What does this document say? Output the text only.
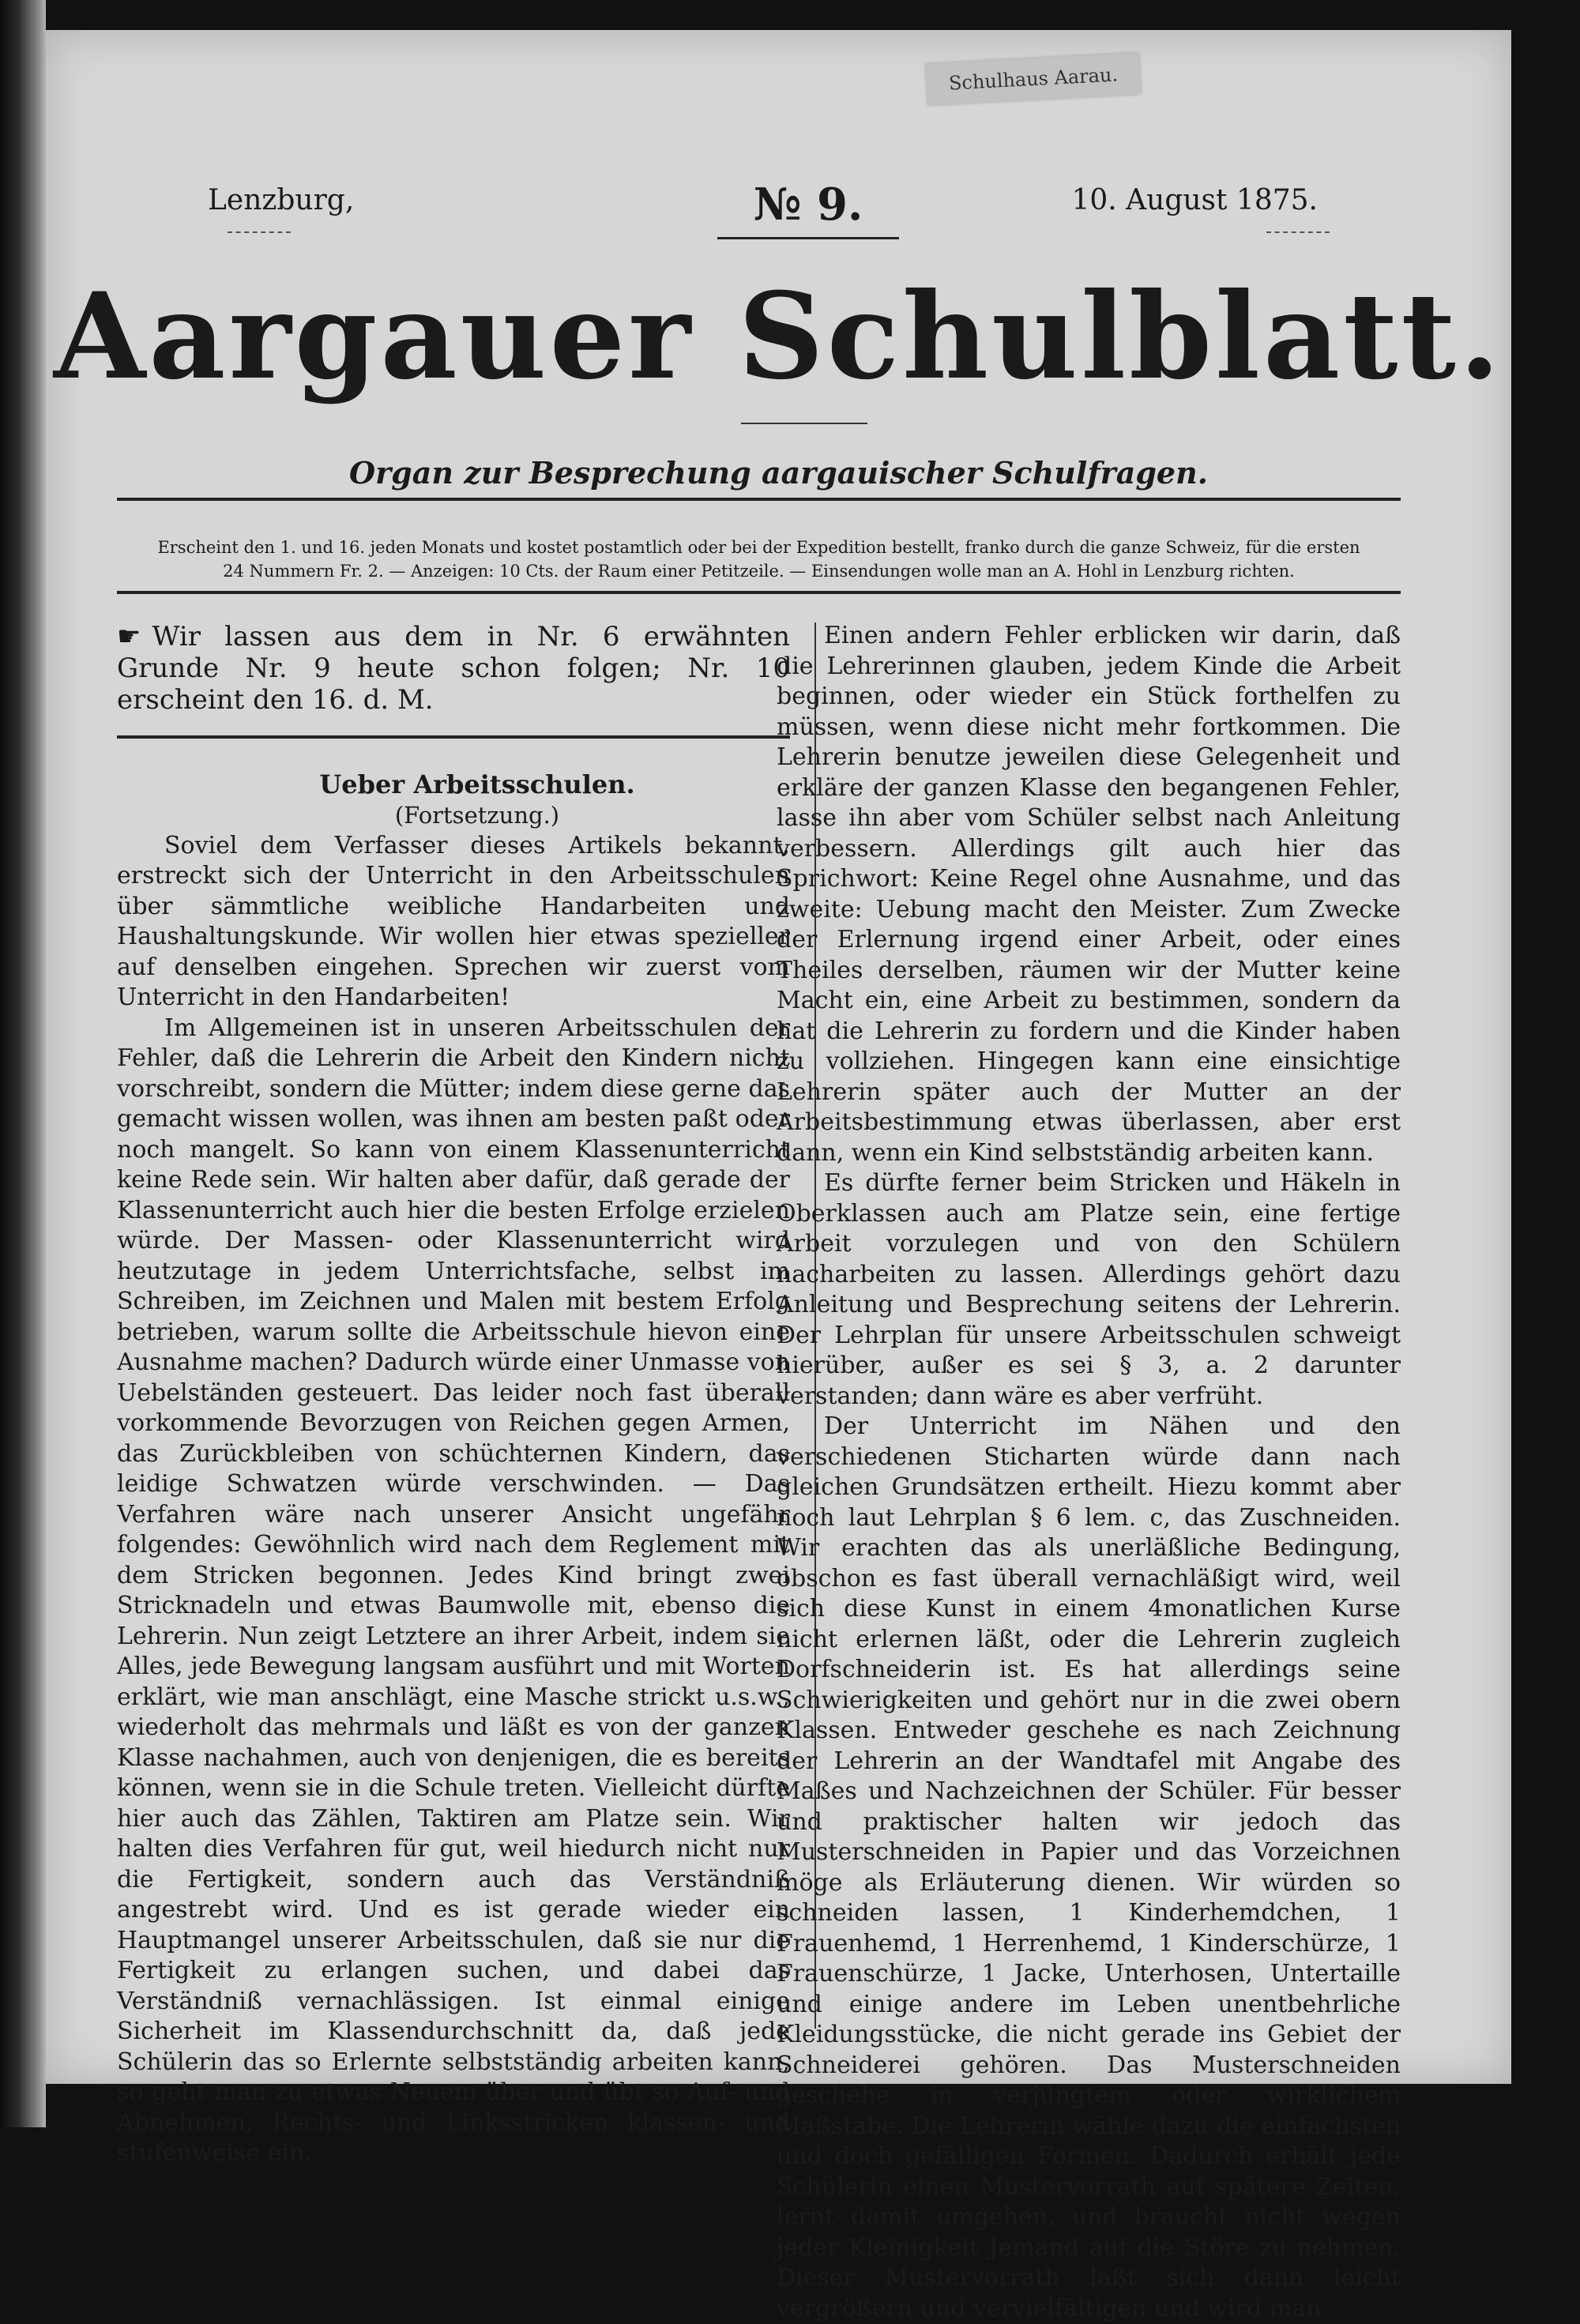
Schulhaus Aarau.
Lenzburg,	№ 9.	10. August 1875.
Aargauer Schulblatt.
Organ zur Besprechung aargauischer Schulfragen.
Erscheint den 1. und 16. jeden Monats und kostet postamtlich oder bei der Expedition bestellt, franko durch die ganze Schweiz, für die ersten
24 Nummern Fr. 2. — Anzeigen: 10 Cts. der Raum einer Petitzeile. — Einsendungen wolle man an A. Hohl in Lenzburg richten.

☛ Wir lassen aus dem in Nr. 6 erwähnten Grunde Nr. 9 heute schon folgen; Nr. 10 erscheint den 16. d. M.

Ueber Arbeitsschulen.

(Fortsetzung.)

Soviel dem Verfasser dieses Artikels bekannt, erstreckt sich der Unterricht in den Arbeitsschulen über sämmtliche weibliche Handarbeiten und Haushaltungskunde. Wir wollen hier etwas spezieller auf denselben eingehen. Sprechen wir zuerst vom Unterricht in den Handarbeiten!

Im Allgemeinen ist in unseren Arbeitsschulen der Fehler, daß die Lehrerin die Arbeit den Kindern nicht vorschreibt, sondern die Mütter; indem diese gerne das gemacht wissen wollen, was ihnen am besten paßt oder noch mangelt. So kann von einem Klassenunterricht keine Rede sein. Wir halten aber dafür, daß gerade der Klassenunterricht auch hier die besten Erfolge erzielen würde. Der Massen- oder Klassenunterricht wird heutzutage in jedem Unterrichtsfache, selbst im Schreiben, im Zeichnen und Malen mit bestem Erfolg betrieben, warum sollte die Arbeitsschule hievon eine Ausnahme machen? Dadurch würde einer Unmasse von Uebelständen gesteuert. Das leider noch fast überall vorkommende Bevorzugen von Reichen gegen Armen, das Zurückbleiben von schüchternen Kindern, das leidige Schwatzen würde verschwinden. — Das Verfahren wäre nach unserer Ansicht ungefähr folgendes: Gewöhnlich wird nach dem Reglement mit dem Stricken begonnen. Jedes Kind bringt zwei Stricknadeln und etwas Baumwolle mit, ebenso die Lehrerin. Nun zeigt Letztere an ihrer Arbeit, indem sie Alles, jede Bewegung langsam ausführt und mit Worten erklärt, wie man anschlägt, eine Masche strickt u.s.w., wiederholt das mehrmals und läßt es von der ganzen Klasse nachahmen, auch von denjenigen, die es bereits können, wenn sie in die Schule treten. Vielleicht dürfte hier auch das Zählen, Taktiren am Platze sein. Wir halten dies Verfahren für gut, weil hiedurch nicht nur die Fertigkeit, sondern auch das Verständniß angestrebt wird. Und es ist gerade wieder ein Hauptmangel unserer Arbeitsschulen, daß sie nur die Fertigkeit zu erlangen suchen, und dabei das Verständniß vernachlässigen. Ist einmal einige Sicherheit im Klassendurchschnitt da, daß jede Schülerin das so Erlernte selbstständig arbeiten kann, so geht man zu etwas Neuem über und übt so Auf- und Abnehmen, Rechts- und Linksstricken klassen- und stufenweise ein.

Einen andern Fehler erblicken wir darin, daß die Lehrerinnen glauben, jedem Kinde die Arbeit beginnen, oder wieder ein Stück forthelfen zu müssen, wenn diese nicht mehr fortkommen. Die Lehrerin benutze jeweilen diese Gelegenheit und erkläre der ganzen Klasse den begangenen Fehler, lasse ihn aber vom Schüler selbst nach Anleitung verbessern. Allerdings gilt auch hier das Sprichwort: Keine Regel ohne Ausnahme, und das zweite: Uebung macht den Meister. Zum Zwecke der Erlernung irgend einer Arbeit, oder eines Theiles derselben, räumen wir der Mutter keine Macht ein, eine Arbeit zu bestimmen, sondern da hat die Lehrerin zu fordern und die Kinder haben zu vollziehen. Hingegen kann eine einsichtige Lehrerin später auch der Mutter an der Arbeitsbestimmung etwas überlassen, aber erst dann, wenn ein Kind selbstständig arbeiten kann.

Es dürfte ferner beim Stricken und Häkeln in Oberklassen auch am Platze sein, eine fertige Arbeit vorzulegen und von den Schülern nacharbeiten zu lassen. Allerdings gehört dazu Anleitung und Besprechung seitens der Lehrerin. Der Lehrplan für unsere Arbeitsschulen schweigt hierüber, außer es sei § 3, a. 2 darunter verstanden; dann wäre es aber verfrüht.

Der Unterricht im Nähen und den verschiedenen Sticharten würde dann nach gleichen Grundsätzen ertheilt. Hiezu kommt aber noch laut Lehrplan § 6 lem. c, das Zuschneiden. Wir erachten das als unerläßliche Bedingung, obschon es fast überall vernachläßigt wird, weil sich diese Kunst in einem 4monatlichen Kurse nicht erlernen läßt, oder die Lehrerin zugleich Dorfschneiderin ist. Es hat allerdings seine Schwierigkeiten und gehört nur in die zwei obern Klassen. Entweder geschehe es nach Zeichnung der Lehrerin an der Wandtafel mit Angabe des Maßes und Nachzeichnen der Schüler. Für besser und praktischer halten wir jedoch das Musterschneiden in Papier und das Vorzeichnen möge als Erläuterung dienen. Wir würden so schneiden lassen, 1 Kinderhemdchen, 1 Frauenhemd, 1 Herrenhemd, 1 Kinderschürze, 1 Frauenschürze, 1 Jacke, Unterhosen, Untertaille und einige andere im Leben unentbehrliche Kleidungsstücke, die nicht gerade ins Gebiet der Schneiderei gehören. Das Musterschneiden geschehe in verjüngtem oder wirklichem Maßstabe. Die Lehrerin wähle dazu die einfachsten und doch gefälligen Formen. Dadurch erhält jede Schülerin einen Mustervorrath auf spätere Zeiten, lernt damit umgehen, und braucht nicht wegen jeder Kleinigkeit Jemand auf die Störe zu nehmen. Dieser Mustervorrath läßt sich dann leicht vergrößern und vervielfältigen und wird man
